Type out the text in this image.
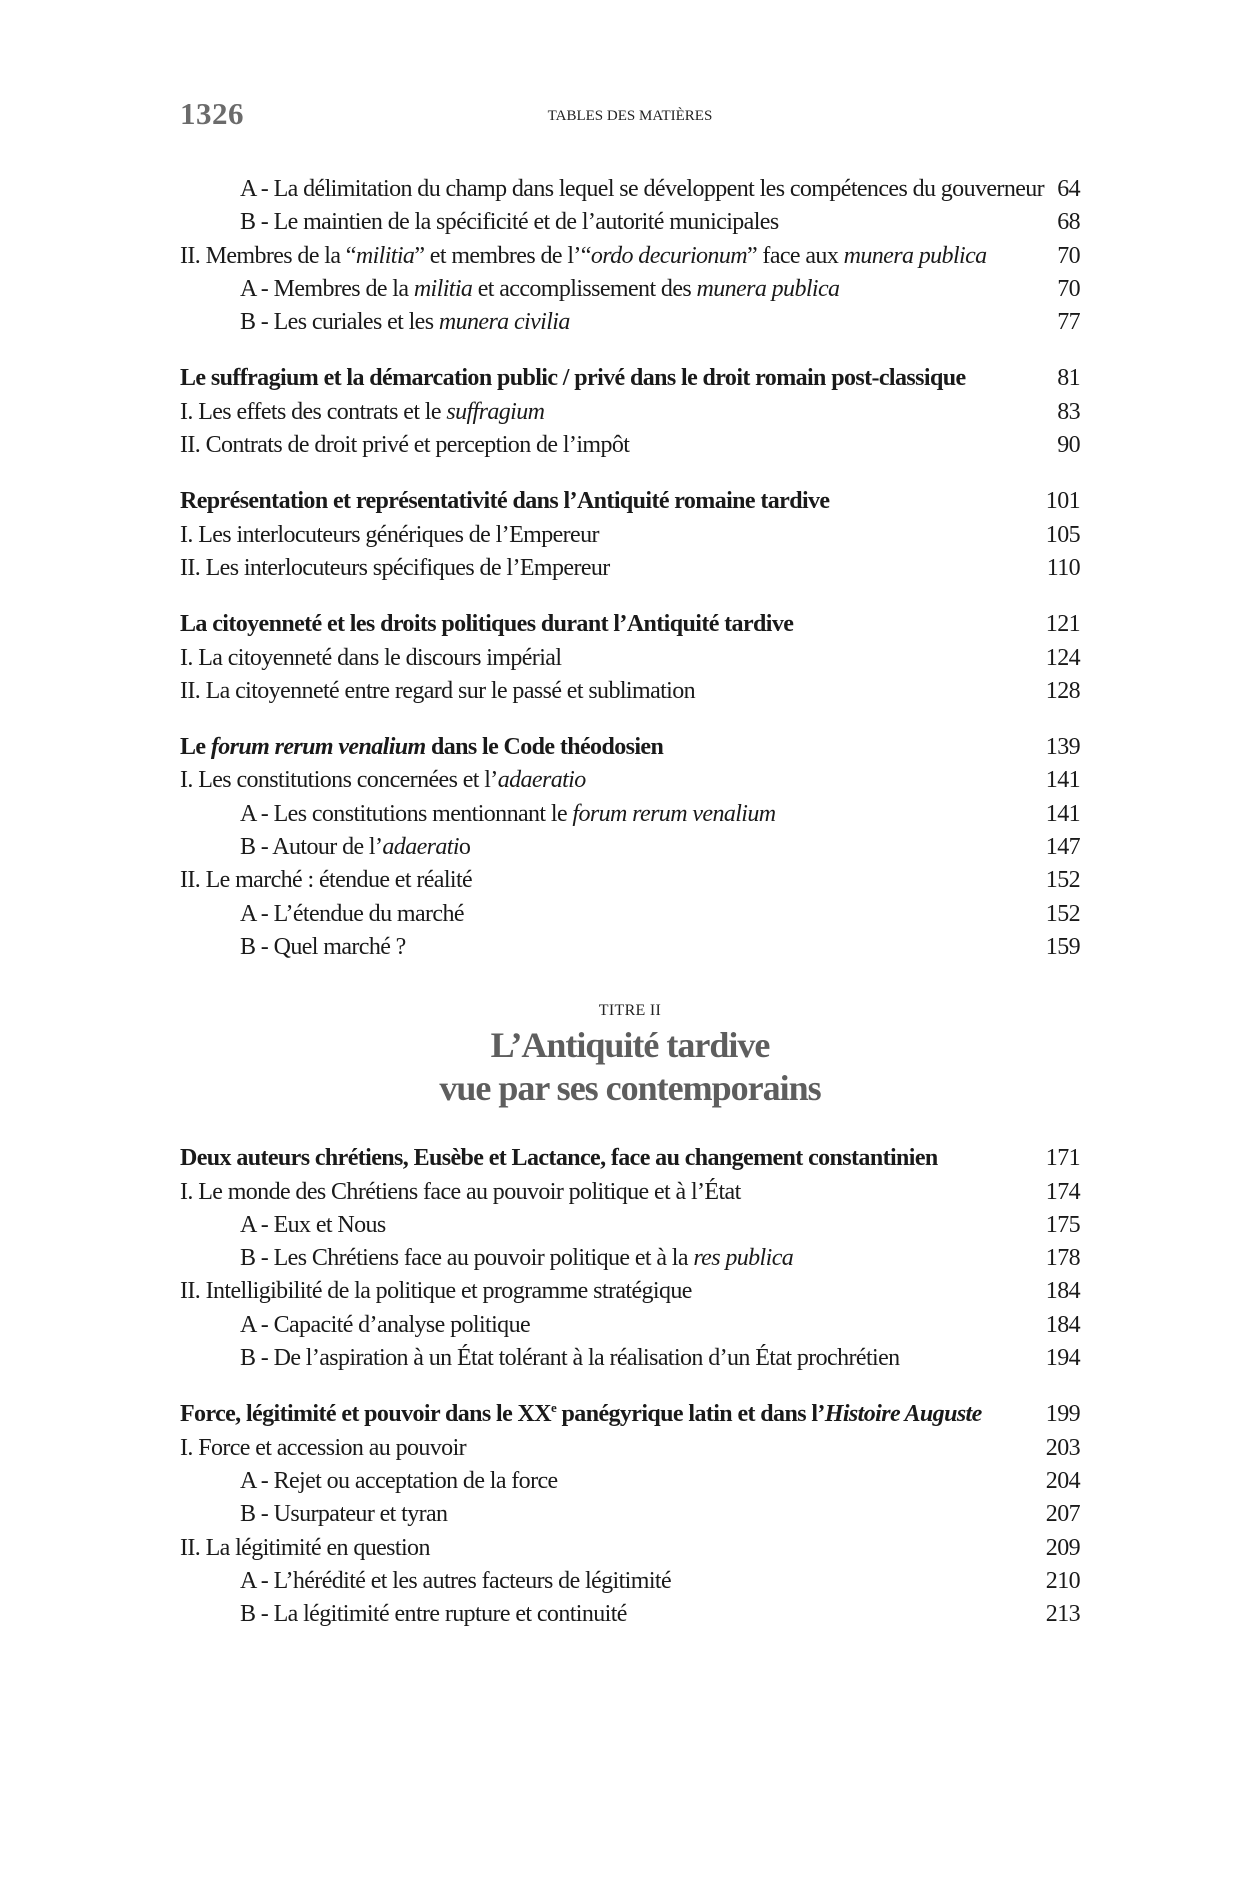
1326	TABLES DES MATIÈRES
A - La délimitation du champ dans lequel se développent les compétences du gouverneur 64
B - Le maintien de la spécificité et de l’autorité municipales	68
II. Membres de la “militia” et membres de l’“ordo decurionum” face aux munera publica	70
A - Membres de la militia et accomplissement des munera publica	70
B - Les curiales et les munera civilia	77
Le suffragium et la démarcation public / privé dans le droit romain post-classique	81
I. Les effets des contrats et le suffragium	83
II. Contrats de droit privé et perception de l’impôt	90
Représentation et représentativité dans l’Antiquité romaine tardive	101
I. Les interlocuteurs génériques de l’Empereur	105
II. Les interlocuteurs spécifiques de l’Empereur	110
La citoyenneté et les droits politiques durant l’Antiquité tardive	121
I. La citoyenneté dans le discours impérial	124
II. La citoyenneté entre regard sur le passé et sublimation	128
Le forum rerum venalium dans le Code théodosien	139
I. Les constitutions concernées et l’adaeratio	141
A - Les constitutions mentionnant le forum rerum venalium	141
B - Autour de l’adaeratio	147
II. Le marché : étendue et réalité	152
A - L’étendue du marché	152
B - Quel marché ?	159
TITRE II
L’Antiquité tardive
vue par ses contemporains
Deux auteurs chrétiens, Eusèbe et Lactance, face au changement constantinien	171
I. Le monde des Chrétiens face au pouvoir politique et à l’État	174
A - Eux et Nous	175
B - Les Chrétiens face au pouvoir politique et à la res publica	178
II. Intelligibilité de la politique et programme stratégique	184
A - Capacité d’analyse politique	184
B - De l’aspiration à un État tolérant à la réalisation d’un État prochrétien	194
Force, légitimité et pouvoir dans le XXe panégyrique latin et dans l’Histoire Auguste	199
I. Force et accession au pouvoir	203
A - Rejet ou acceptation de la force	204
B - Usurpateur et tyran	207
II. La légitimité en question	209
A - L’hérédité et les autres facteurs de légitimité	210
B - La légitimité entre rupture et continuité	213
